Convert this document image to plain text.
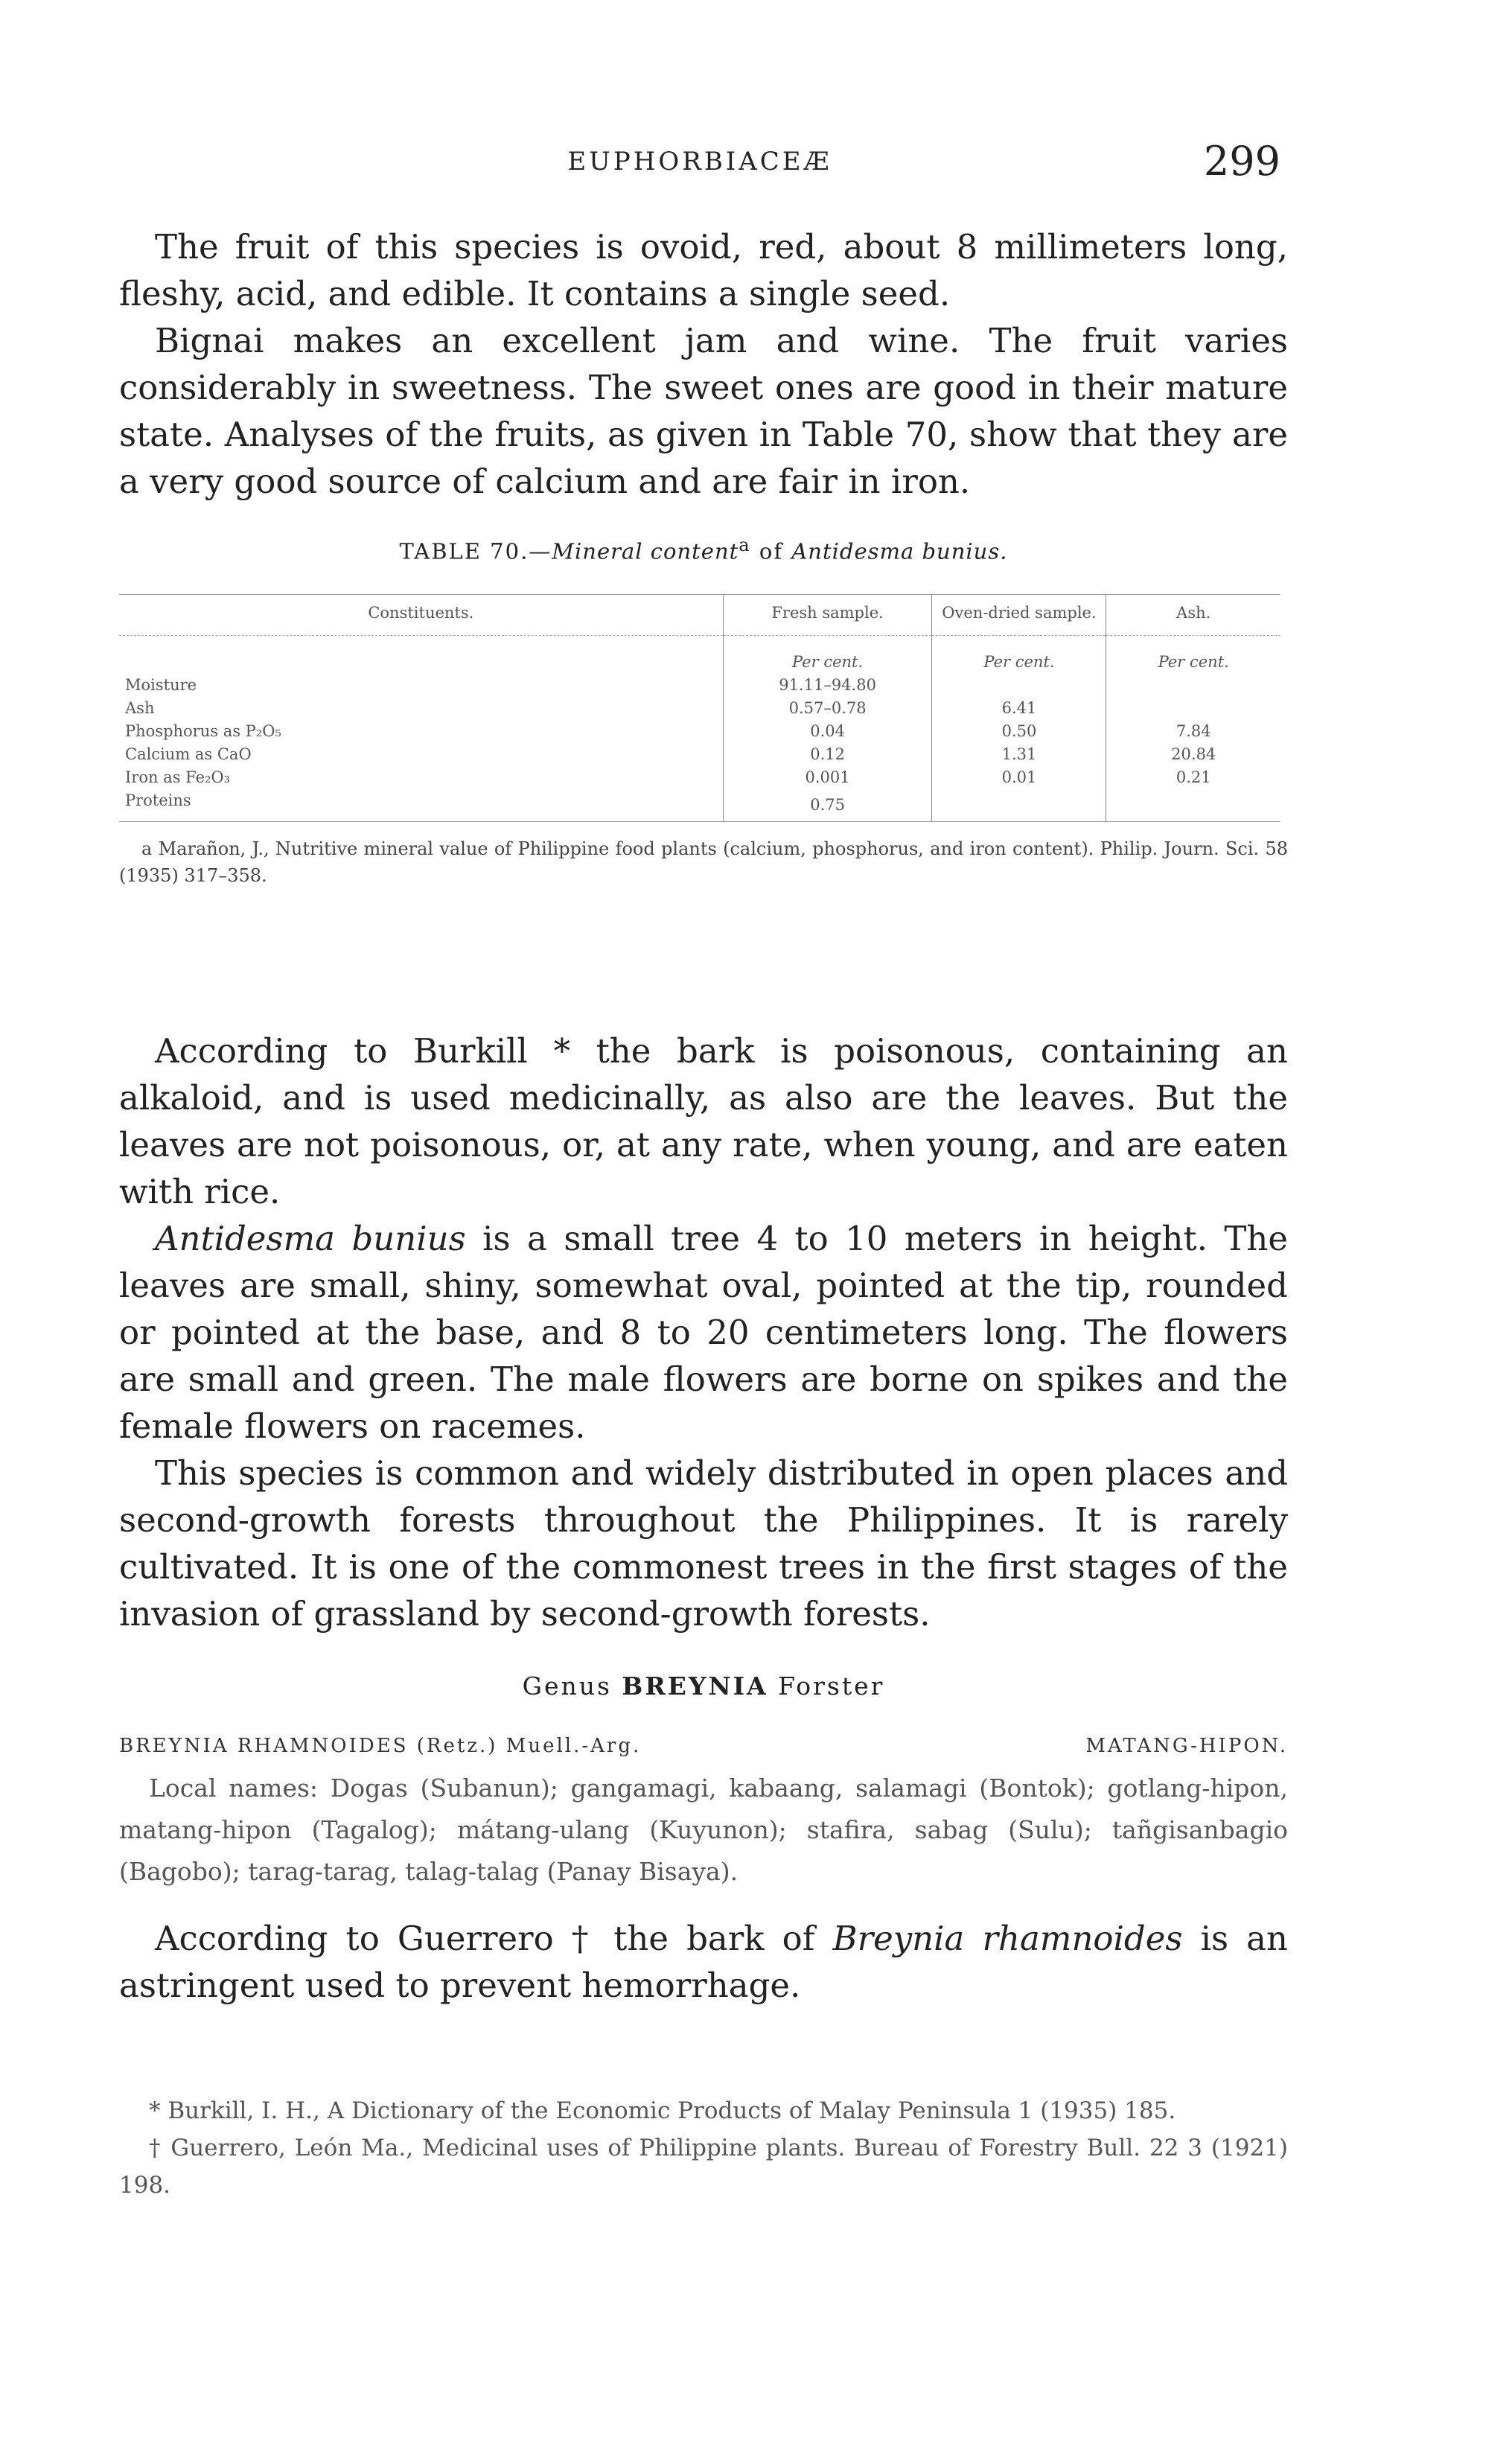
EUPHORBIACEÆ	299

The fruit of this species is ovoid, red, about 8 millimeters long, fleshy, acid, and edible. It contains a single seed.

Bignai makes an excellent jam and wine. The fruit varies considerably in sweetness. The sweet ones are good in their mature state. Analyses of the fruits, as given in Table 70, show that they are a very good source of calcium and are fair in iron.

TABLE 70.—Mineral content$^a$ of Antidesma bunius.
Constituents.	Fresh sample.	Oven-dried sample.	Ash.
	Per cent.	Per cent.	Per cent.
Moisture	91.11–94.80		
Ash	0.57–0.78	6.41	
Phosphorus as P₂O₅	0.04	0.50	7.84
Calcium as CaO	0.12	1.31	20.84
Iron as Fe₂O₃	0.001	0.01	0.21
Proteins	0.75		

a Marañon, J., Nutritive mineral value of Philippine food plants (calcium, phosphorus, and iron content). Philip. Journ. Sci. 58 (1935) 317–358.

According to Burkill * the bark is poisonous, containing an alkaloid, and is used medicinally, as also are the leaves. But the leaves are not poisonous, or, at any rate, when young, and are eaten with rice.

Antidesma bunius is a small tree 4 to 10 meters in height. The leaves are small, shiny, somewhat oval, pointed at the tip, rounded or pointed at the base, and 8 to 20 centimeters long. The flowers are small and green. The male flowers are borne on spikes and the female flowers on racemes.

This species is common and widely distributed in open places and second-growth forests throughout the Philippines. It is rarely cultivated. It is one of the commonest trees in the first stages of the invasion of grassland by second-growth forests.

Genus BREYNIA Forster
MATANG-HIPON.
BREYNIA RHAMNOIDES (Retz.) Muell.-Arg.

Local names: Dogas (Subanun); gangamagi, kabaang, salamagi (Bontok); gotlang-hipon, matang-hipon (Tagalog); mátang-ulang (Kuyunon); stafira, sabag (Sulu); tañgisanbagio (Bagobo); tarag-tarag, talag-talag (Panay Bisaya).

According to Guerrero † the bark of Breynia rhamnoides is an astringent used to prevent hemorrhage.

* Burkill, I. H., A Dictionary of the Economic Products of Malay Peninsula 1 (1935) 185.

† Guerrero, León Ma., Medicinal uses of Philippine plants. Bureau of Forestry Bull. 22 3 (1921) 198.
